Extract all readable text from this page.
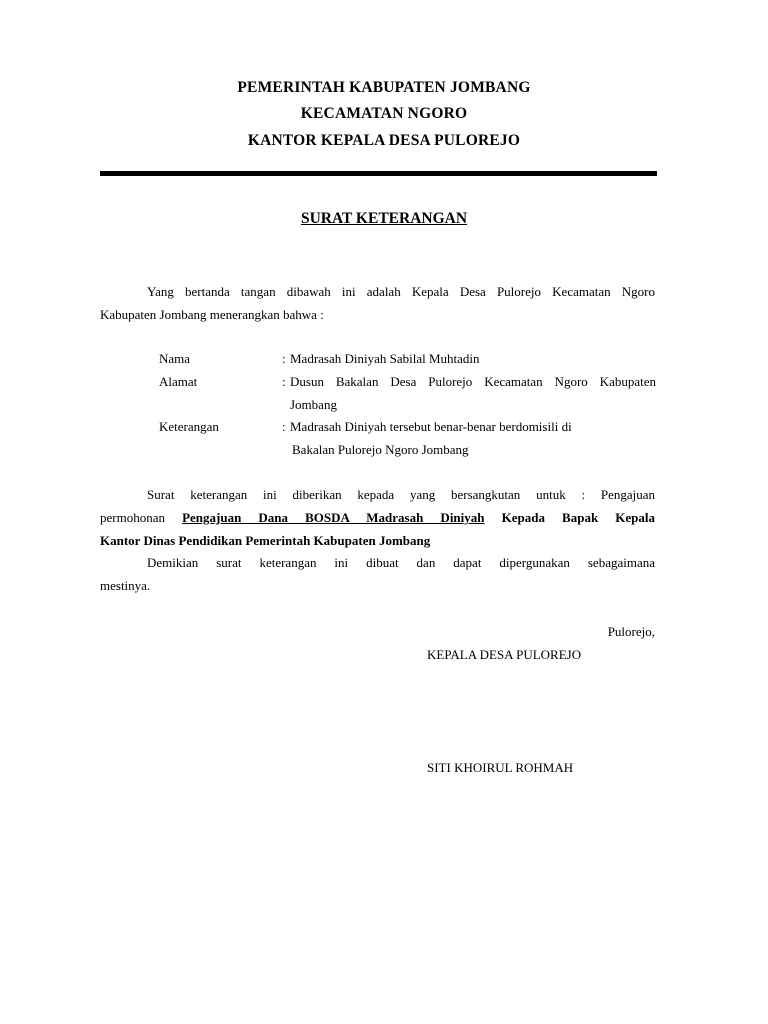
PEMERINTAH KABUPATEN JOMBANG
KECAMATAN NGORO
KANTOR KEPALA DESA PULOREJO
SURAT KETERANGAN
Yang bertanda tangan dibawah ini adalah Kepala Desa Pulorejo Kecamatan Ngoro
Kabupaten Jombang menerangkan bahwa :
Nama	: Madrasah Diniyah Sabilal Muhtadin
Alamat	: Dusun Bakalan Desa Pulorejo Kecamatan Ngoro Kabupaten
Jombang
Keterangan	: Madrasah Diniyah tersebut benar-benar berdomisili di
Bakalan Pulorejo Ngoro Jombang
Surat keterangan ini diberikan kepada yang bersangkutan untuk : Pengajuan
permohonan Pengajuan Dana BOSDA Madrasah Diniyah Kepada Bapak Kepala
Kantor Dinas Pendidikan Pemerintah Kabupaten Jombang
Demikian surat keterangan ini dibuat dan dapat dipergunakan sebagaimana
mestinya.
Pulorejo,
KEPALA DESA PULOREJO
SITI KHOIRUL ROHMAH
